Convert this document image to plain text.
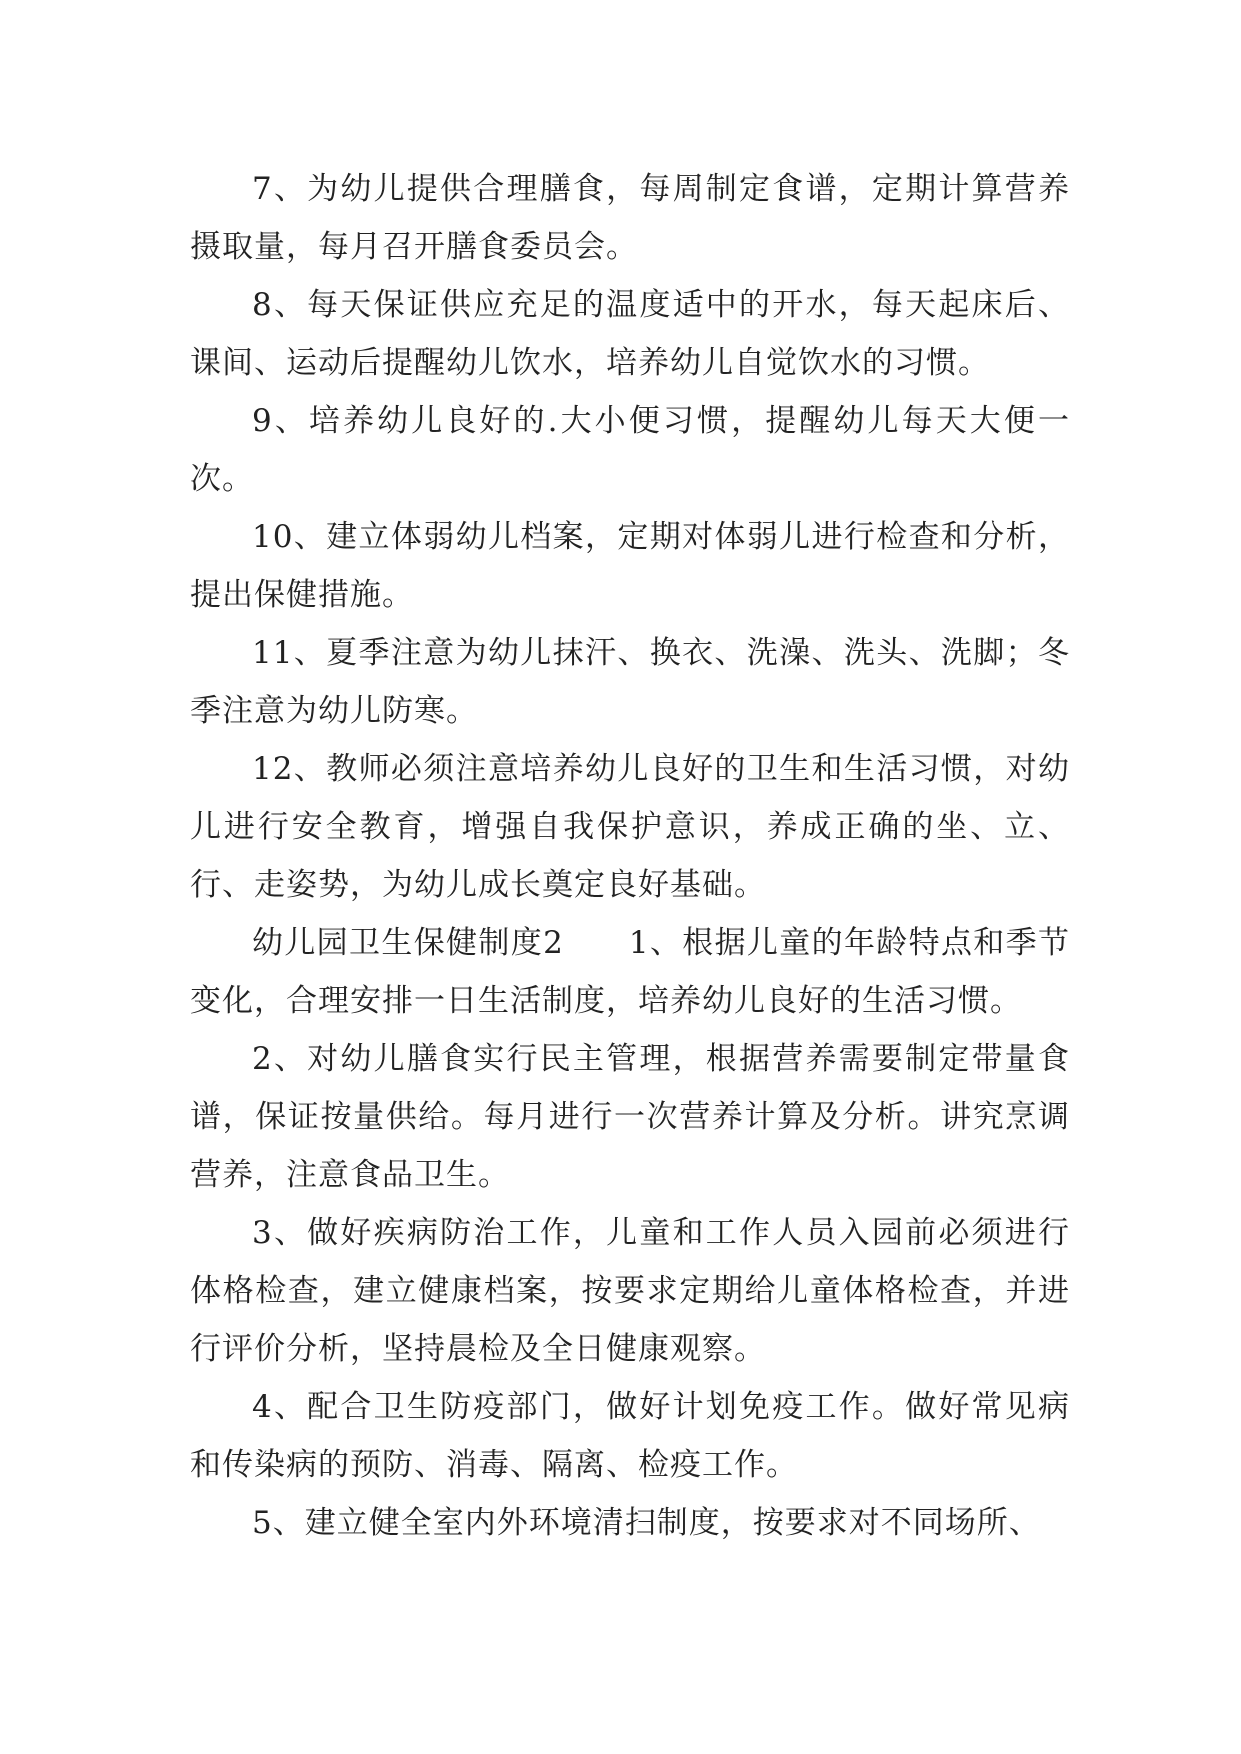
7、为幼儿提供合理膳食，每周制定食谱，定期计算营养摄取量，每月召开膳食委员会。

8、每天保证供应充足的温度适中的开水，每天起床后、课间、运动后提醒幼儿饮水，培养幼儿自觉饮水的习惯。

9、培养幼儿良好的.大小便习惯，提醒幼儿每天大便一次。

10、建立体弱幼儿档案，定期对体弱儿进行检查和分析，提出保健措施。

11、夏季注意为幼儿抹汗、换衣、洗澡、洗头、洗脚；冬季注意为幼儿防寒。

12、教师必须注意培养幼儿良好的卫生和生活习惯，对幼儿进行安全教育，增强自我保护意识，养成正确的坐、立、行、走姿势，为幼儿成长奠定良好基础。

幼儿园卫生保健制度2　　1、根据儿童的年龄特点和季节变化，合理安排一日生活制度，培养幼儿良好的生活习惯。

2、对幼儿膳食实行民主管理，根据营养需要制定带量食谱，保证按量供给。每月进行一次营养计算及分析。讲究烹调营养，注意食品卫生。

3、做好疾病防治工作，儿童和工作人员入园前必须进行体格检查，建立健康档案，按要求定期给儿童体格检查，并进行评价分析，坚持晨检及全日健康观察。

4、配合卫生防疫部门，做好计划免疫工作。做好常见病和传染病的预防、消毒、隔离、检疫工作。

5、建立健全室内外环境清扫制度，按要求对不同场所、
